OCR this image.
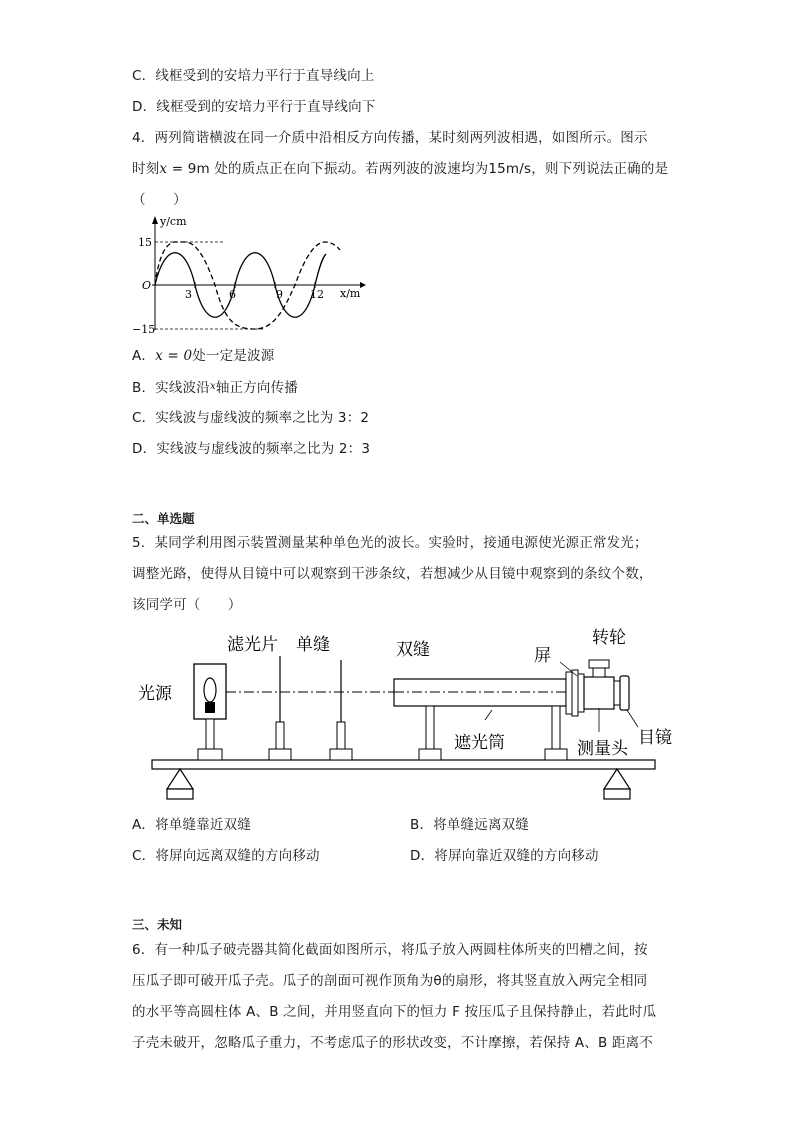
C．线框受到的安培力平行于直导线向上
D．线框受到的安培力平行于直导线向下
4．两列简谐横波在同一介质中沿相反方向传播，某时刻两列波相遇，如图所示。图示
时刻x = 9m 处的质点正在向下振动。若两列波的波速均为15m/s，则下列说法正确的是
（　　）
y/cm
x/m
O
15
−15
3	6	9 12
A．x = 0处一定是波源
B．实线波沿$^x$轴正方向传播
C．实线波与虚线波的频率之比为 3：2
D．实线波与虚线波的频率之比为 2：3
二、单选题
5．某同学利用图示装置测量某种单色光的波长。实验时，接通电源使光源正常发光；
调整光路，使得从目镜中可以观察到干涉条纹，若想减少从目镜中观察到的条纹个数，
该同学可（　　）
光源
滤光片 单缝	双缝	屏
转轮
遮光筒	测量头
目镜
A．将单缝靠近双缝	B．将单缝远离双缝
C．将屏向远离双缝的方向移动	D．将屏向靠近双缝的方向移动
三、未知
6．有一种瓜子破壳器其简化截面如图所示，将瓜子放入两圆柱体所夹的凹槽之间，按
压瓜子即可破开瓜子壳。瓜子的剖面可视作顶角为θ的扇形，将其竖直放入两完全相同
的水平等高圆柱体 A、B 之间，并用竖直向下的恒力 F 按压瓜子且保持静止，若此时瓜
子壳未破开，忽略瓜子重力，不考虑瓜子的形状改变，不计摩擦，若保持 A、B 距离不
